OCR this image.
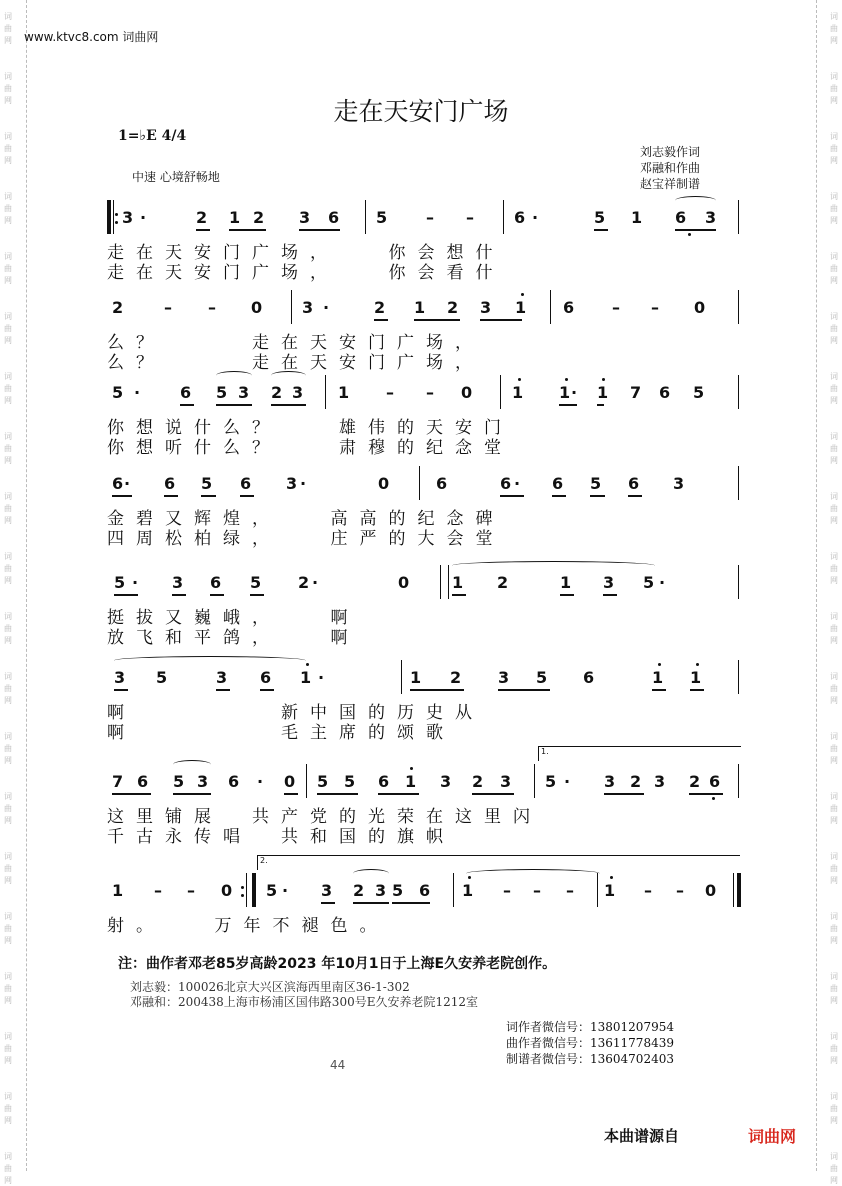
词
曲
网
词
曲
网
词
曲
网
词
曲
网
词
曲
网
词
曲
网
词
曲
网
词
曲
网
词
曲
网
词
曲
网
词
曲
网
词
曲
网
词
曲
网
词
曲
网
词
曲
网
词
曲
网
词
曲
网
词
曲
网
词
曲
网
词
曲
网
词
曲
网
词
曲
网
词
曲
网
词
曲
网
词
曲
网
词
曲
网
词
曲
网
词
曲
网
词
曲
网
词
曲
网
词
曲
网
词
曲
网
词
曲
网
词
曲
网
词
曲
网
词
曲
网
词
曲
网
词
曲
网
词
曲
网
词
曲
网
www.ktvc8.com 词曲网
走在天安门广场
1=♭E 4/4
中速 心境舒畅地
刘志毅作词
邓融和作曲
赵宝祥制谱
3 ·	2 1 2 3 6 5 – –	6 ·	5 1 6 3
走在天安门广场，　　你会想什
走在天安门广场，　　你会看什
2	– – 0 3 ·	2 1 2 3 1 6 – – 0
么？　　　走在天安门广场，
么？　　　走在天安门广场，
5 · 6 5 3 2 3 1 – – 0 1 1 · 1 7 6 5
你想说什么？　　雄伟的天安门
你想听什么？　　肃穆的纪念堂
6 · 6 5 6 3 ·	0	6	6 · 6 5 6 3
金碧又辉煌，　　高高的纪念碑
四周松柏绿，　　庄严的大会堂
5 · 3 6 5 2 ·	0	1 2	1 3 5 ·
挺拔又巍峨，　　啊
放飞和平鸽，　　啊
3 5	3 6 1 ·	1 2 3 5 6	1 1
啊　　　　　新中国的历史从
啊　　　　　毛主席的颂歌
7 6 5 3 6 · 0 5 5 6 1 3 2 3 5 · 3 2 3 2 6
1.
这里铺展　共产党的光荣在这里闪
千古永传唱　共和国的旗帜
1 – – 0 5 · 3 2 3 5 6 1 – – – 1 – – 0
2.
射。　　万年不褪色。
注：曲作者邓老85岁高龄2023 年10月1日于上海E久安养老院创作。
刘志毅：100026北京大兴区滨海西里南区36-1-302
邓融和：200438上海市杨浦区国伟路300号E久安养老院1212室
词作者微信号：13801207954
曲作者微信号：13611778439
制谱者微信号：13604702403
44
本曲谱源自	词曲网
